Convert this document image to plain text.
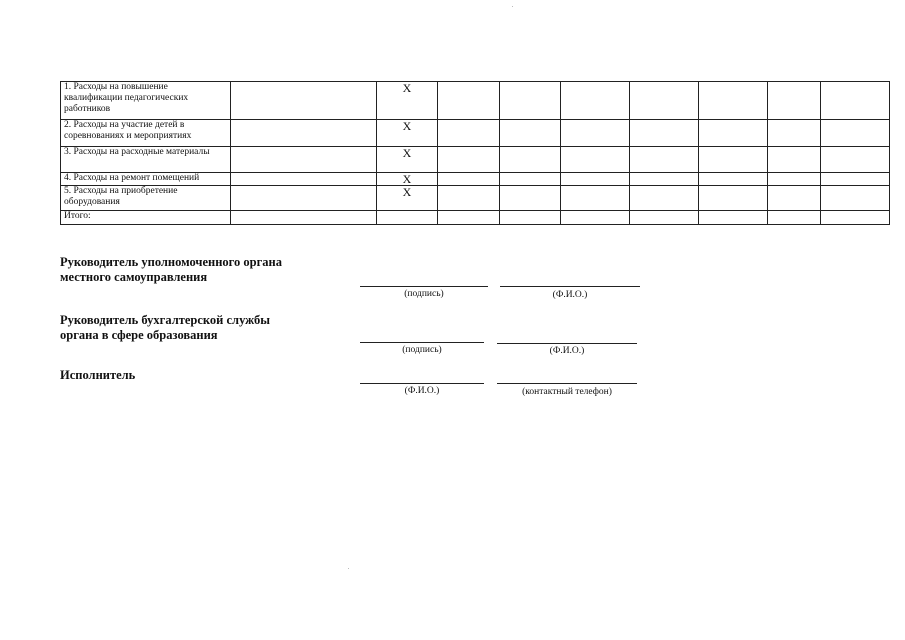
1. Расходы на повышение квалификации педагогических работников		Х							
2. Расходы на участие детей в соревнованиях и мероприятиях		Х							
3. Расходы на расходные материалы		Х							
4. Расходы на ремонт помещений		Х							
5. Расходы на приобретение оборудования		Х							
Итого:									
Руководитель уполномоченного органа местного самоуправления
(подпись)	(Ф.И.О.)
Руководитель бухгалтерской службы органа в сфере образования
(подпись)	(Ф.И.О.)
Исполнитель
(Ф.И.О.)	(контактный телефон)
